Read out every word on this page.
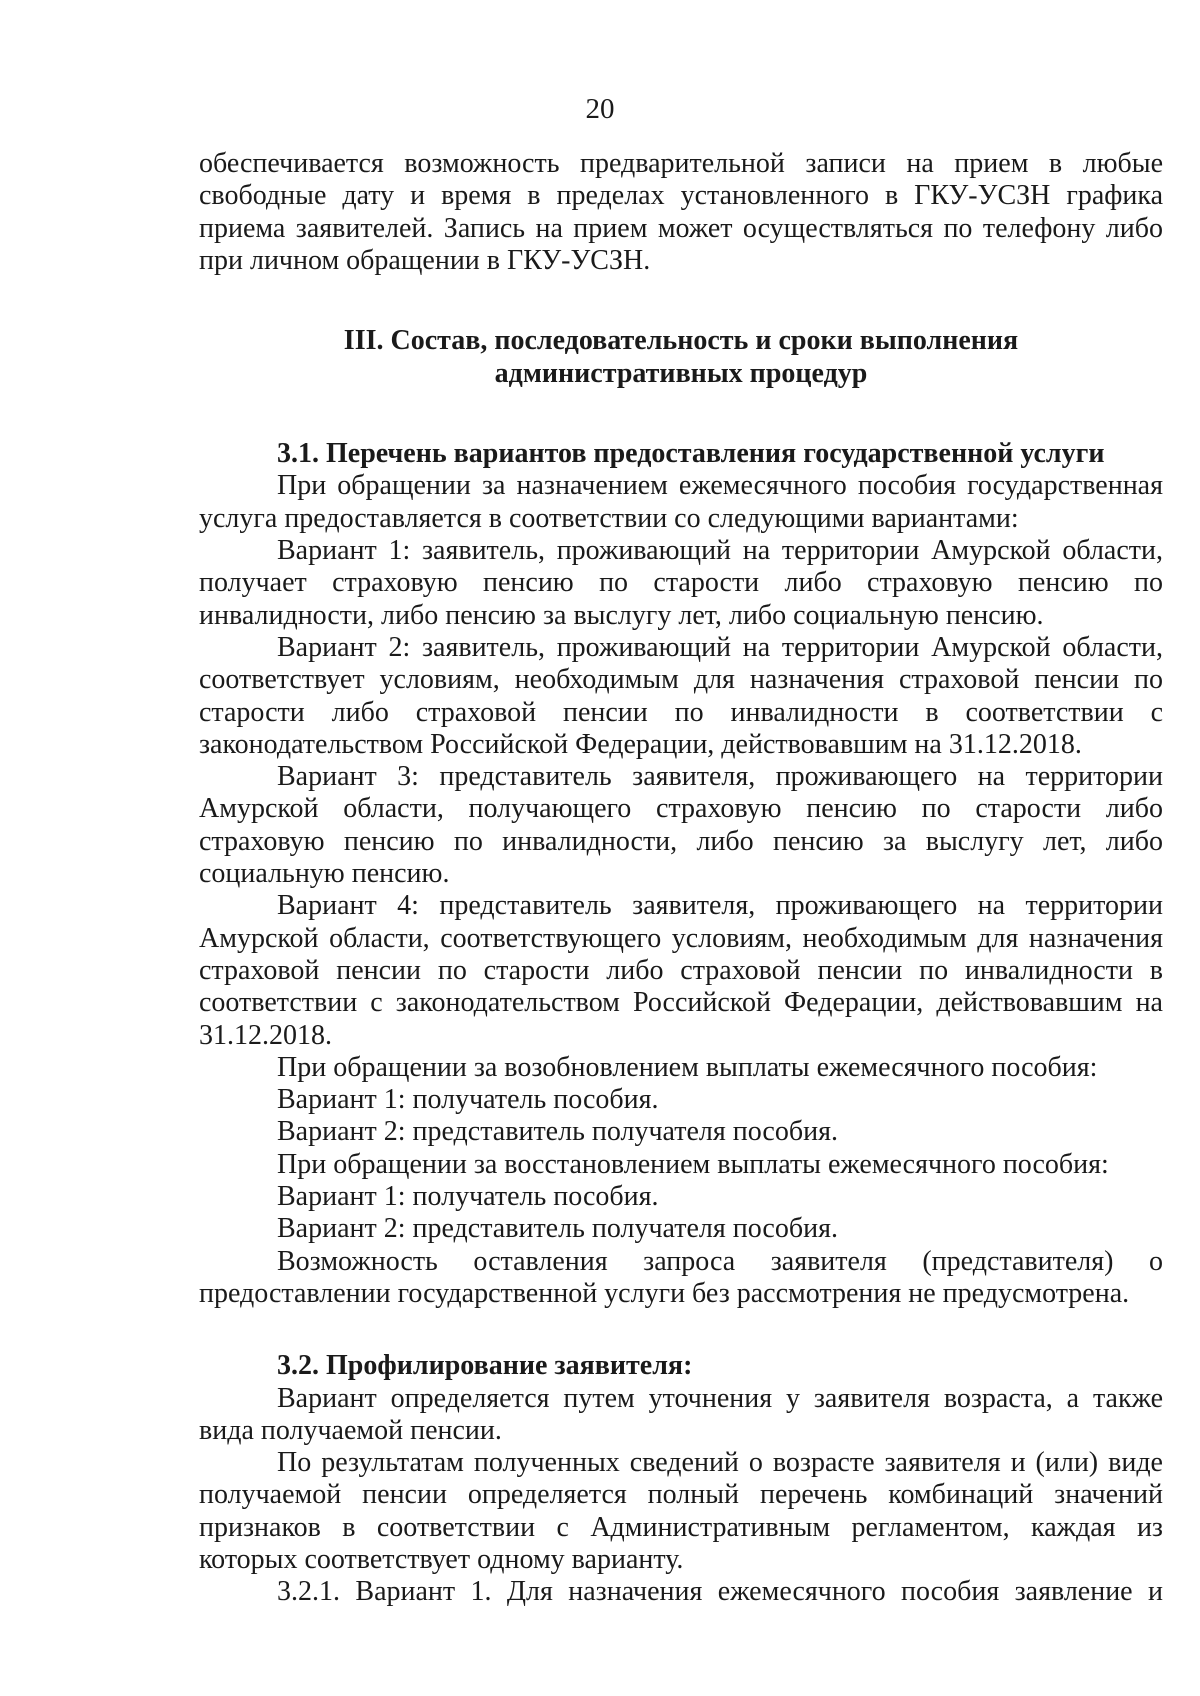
20

обеспечивается возможность предварительной записи на прием в любые свободные дату и время в пределах установленного в ГКУ-УСЗН графика приема заявителей. Запись на прием может осуществляться по телефону либо при личном обращении в ГКУ-УСЗН.

III. Состав, последовательность и сроки выполнения

административных процедур

3.1. Перечень вариантов предоставления государственной услуги

При обращении за назначением ежемесячного пособия государственная услуга предоставляется в соответствии со следующими вариантами:

Вариант 1: заявитель, проживающий на территории Амурской области, получает страховую пенсию по старости либо страховую пенсию по инвалидности, либо пенсию за выслугу лет, либо социальную пенсию.

Вариант 2: заявитель, проживающий на территории Амурской области, соответствует условиям, необходимым для назначения страховой пенсии по старости либо страховой пенсии по инвалидности в соответствии с законодательством Российской Федерации, действовавшим на 31.12.2018.

Вариант 3: представитель заявителя, проживающего на территории Амурской области, получающего страховую пенсию по старости либо страховую пенсию по инвалидности, либо пенсию за выслугу лет, либо социальную пенсию.

Вариант 4: представитель заявителя, проживающего на территории Амурской области, соответствующего условиям, необходимым для назначения страховой пенсии по старости либо страховой пенсии по инвалидности в соответствии с законодательством Российской Федерации, действовавшим на 31.12.2018.

При обращении за возобновлением выплаты ежемесячного пособия:

Вариант 1: получатель пособия.

Вариант 2: представитель получателя пособия.

При обращении за восстановлением выплаты ежемесячного пособия:

Вариант 1: получатель пособия.

Вариант 2: представитель получателя пособия.

Возможность оставления запроса заявителя (представителя) о предоставлении государственной услуги без рассмотрения не предусмотрена.

3.2. Профилирование заявителя:

Вариант определяется путем уточнения у заявителя возраста, а также вида получаемой пенсии.

По результатам полученных сведений о возрасте заявителя и (или) виде получаемой пенсии определяется полный перечень комбинаций значений признаков в соответствии с Административным регламентом, каждая из которых соответствует одному варианту.

3.2.1. Вариант 1. Для назначения ежемесячного пособия заявление и
